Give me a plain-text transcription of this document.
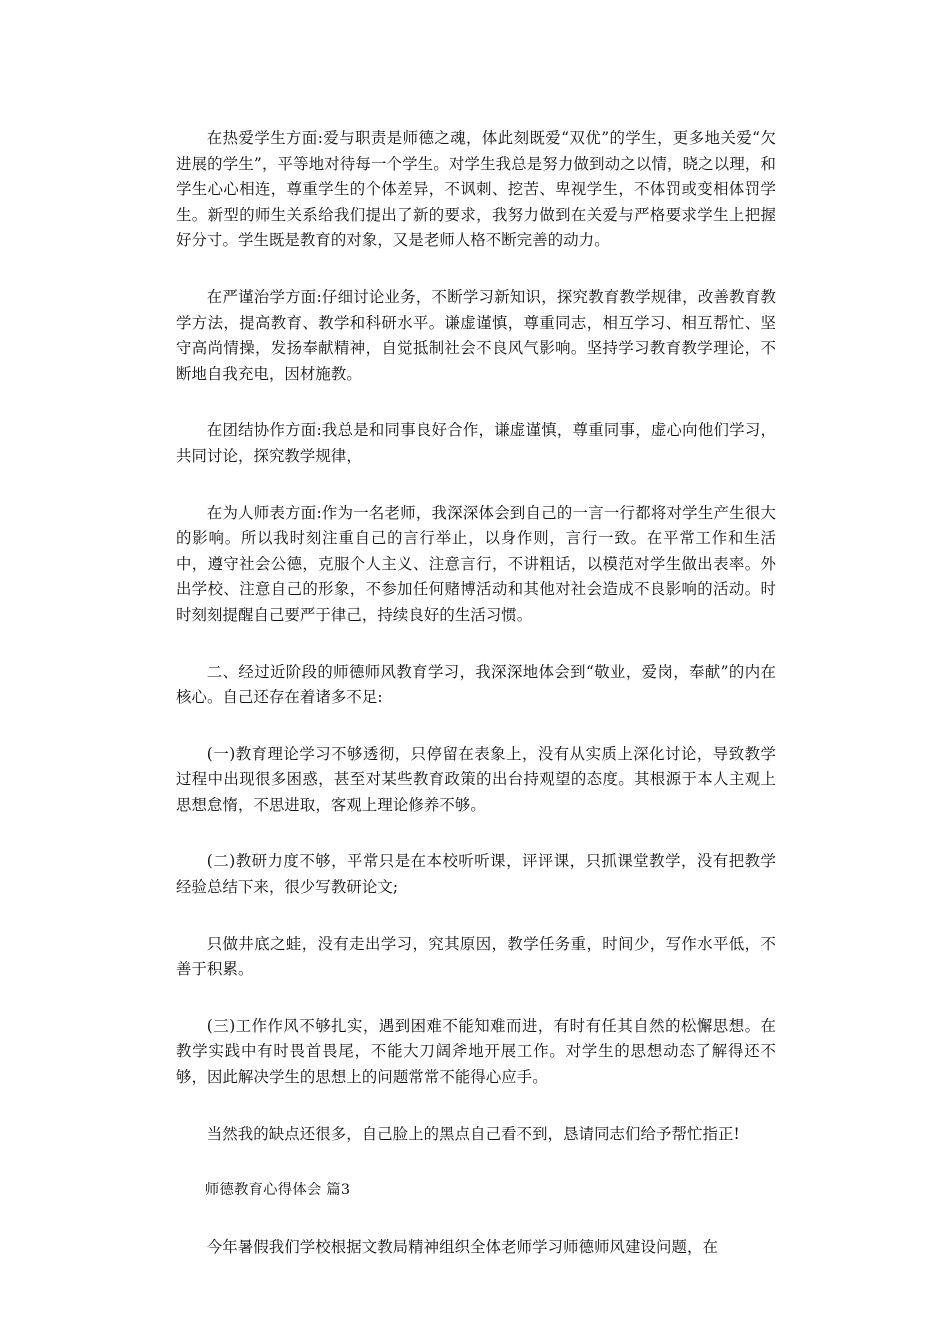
在热爱学生方面:爱与职责是师德之魂，体此刻既爱“双优”的学生，更多地关爱“欠进展的学生”，平等地对待每一个学生。对学生我总是努力做到动之以情，晓之以理，和学生心心相连，尊重学生的个体差异，不讽刺、挖苦、卑视学生，不体罚或变相体罚学生。新型的师生关系给我们提出了新的要求，我努力做到在关爱与严格要求学生上把握好分寸。学生既是教育的对象，又是老师人格不断完善的动力。

在严谨治学方面:仔细讨论业务，不断学习新知识，探究教育教学规律，改善教育教学方法，提高教育、教学和科研水平。谦虚谨慎，尊重同志，相互学习、相互帮忙、坚守高尚情操，发扬奉献精神，自觉抵制社会不良风气影响。坚持学习教育教学理论，不断地自我充电，因材施教。

在团结协作方面:我总是和同事良好合作，谦虚谨慎，尊重同事，虚心向他们学习，共同讨论，探究教学规律，

在为人师表方面:作为一名老师，我深深体会到自己的一言一行都将对学生产生很大的影响。所以我时刻注重自己的言行举止，以身作则，言行一致。在平常工作和生活中，遵守社会公德，克服个人主义、注意言行，不讲粗话，以模范对学生做出表率。外出学校、注意自己的形象，不参加任何赌博活动和其他对社会造成不良影响的活动。时时刻刻提醒自己要严于律己，持续良好的生活习惯。

二、经过近阶段的师德师风教育学习，我深深地体会到“敬业，爱岗，奉献”的内在核心。自己还存在着诸多不足:

(一)教育理论学习不够透彻，只停留在表象上，没有从实质上深化讨论，导致教学过程中出现很多困惑，甚至对某些教育政策的出台持观望的态度。其根源于本人主观上思想怠惰，不思进取，客观上理论修养不够。

(二)教研力度不够，平常只是在本校听听课，评评课，只抓课堂教学，没有把教学经验总结下来，很少写教研论文;

只做井底之蛙，没有走出学习，究其原因，教学任务重，时间少，写作水平低，不善于积累。

(三)工作作风不够扎实，遇到困难不能知难而进，有时有任其自然的松懈思想。在教学实践中有时畏首畏尾，不能大刀阔斧地开展工作。对学生的思想动态了解得还不够，因此解决学生的思想上的问题常常不能得心应手。

当然我的缺点还很多，自己脸上的黑点自己看不到，恳请同志们给予帮忙指正!

师德教育心得体会 篇3

今年暑假我们学校根据文教局精神组织全体老师学习师德师风建设问题，在
